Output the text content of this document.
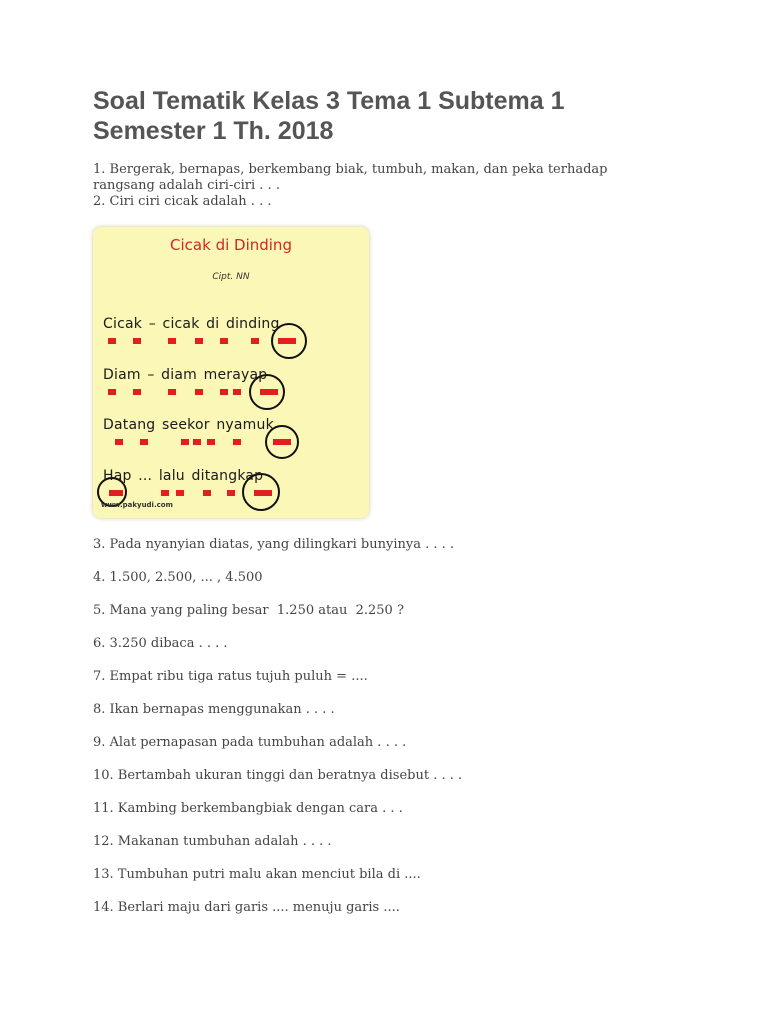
Soal Tematik Kelas 3 Tema 1 Subtema 1
Semester 1 Th. 2018
1. Bergerak, bernapas, berkembang biak, tumbuh, makan, dan peka terhadap rangsang adalah ciri-ciri . . .
2. Ciri ciri cicak adalah . . .
Cicak di Dinding
Cipt. NN
Cicak – cicak di dinding
Diam – diam merayap
Datang seekor nyamuk
Hap ... lalu ditangkap
www.pakyudi.com
3. Pada nyanyian diatas, yang dilingkari bunyinya . . . .
4. 1.500, 2.500, ... , 4.500
5. Mana yang paling besar  1.250 atau  2.250 ?
6. 3.250 dibaca . . . .
7. Empat ribu tiga ratus tujuh puluh = ....
8. Ikan bernapas menggunakan . . . .
9. Alat pernapasan pada tumbuhan adalah . . . .
10. Bertambah ukuran tinggi dan beratnya disebut . . . .
11. Kambing berkembangbiak dengan cara . . .
12. Makanan tumbuhan adalah . . . .
13. Tumbuhan putri malu akan menciut bila di ....
14. Berlari maju dari garis .... menuju garis ....
